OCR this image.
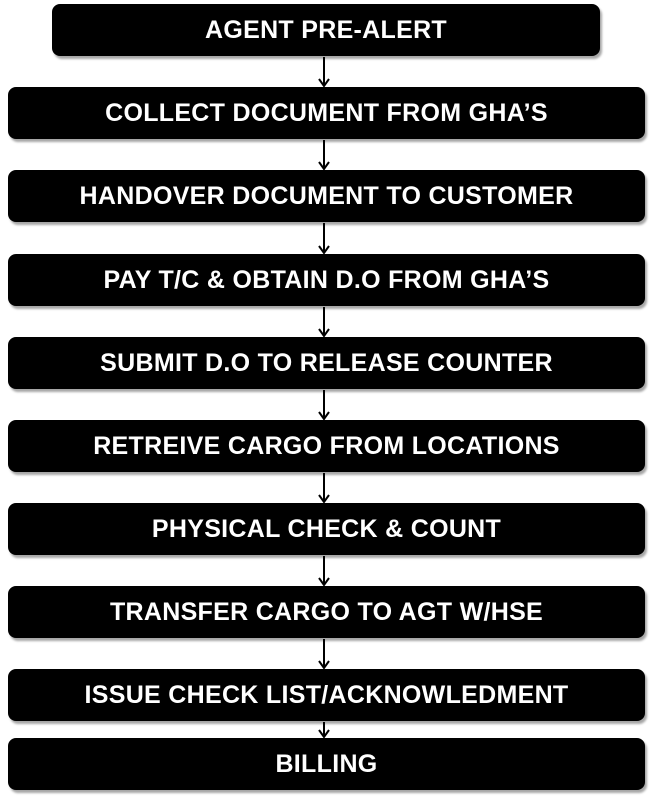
AGENT PRE-ALERT
COLLECT DOCUMENT FROM GHA’S
HANDOVER DOCUMENT TO CUSTOMER
PAY T/C & OBTAIN D.O FROM GHA’S
SUBMIT D.O TO RELEASE COUNTER
RETREIVE CARGO FROM LOCATIONS
PHYSICAL CHECK & COUNT
TRANSFER CARGO TO AGT W/HSE
ISSUE CHECK LIST/ACKNOWLEDMENT
BILLING
